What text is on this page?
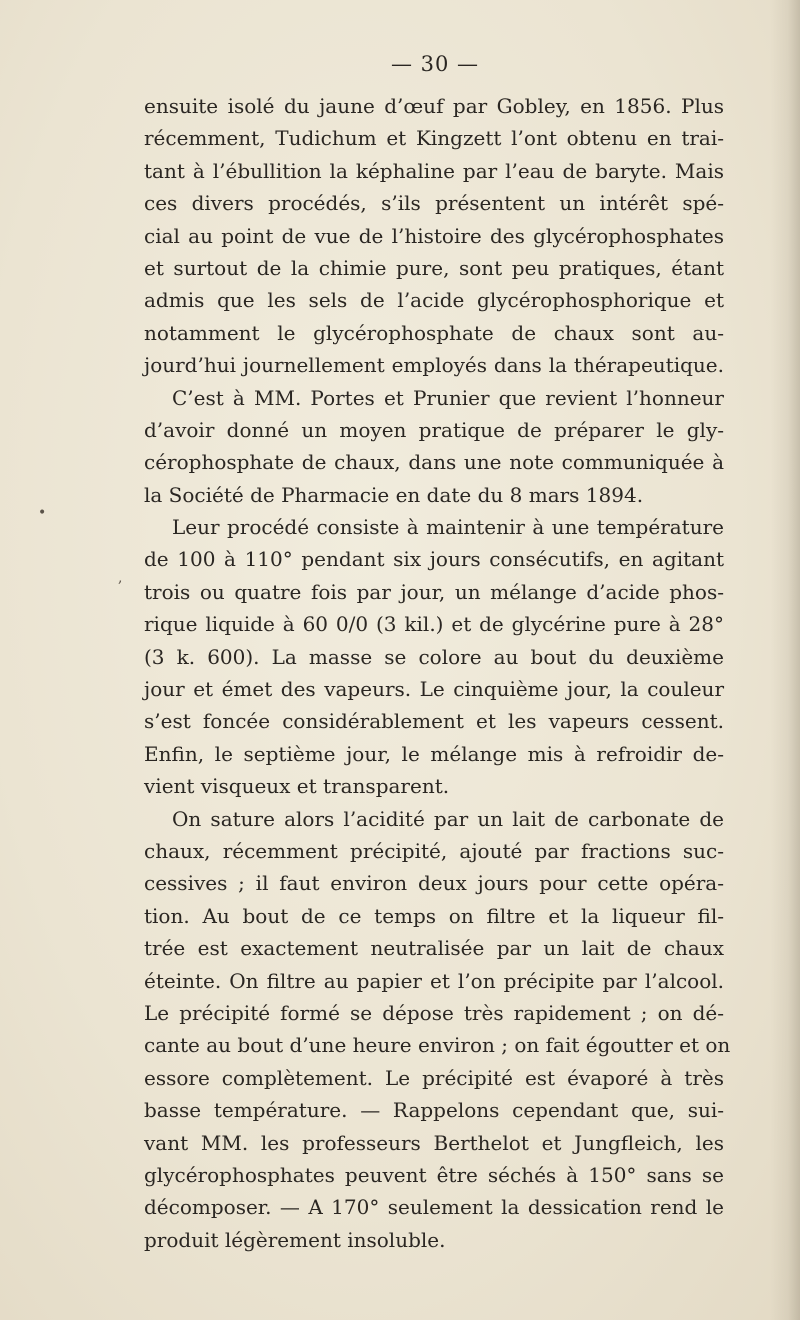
— 30 —
•
,
ensuite isolé du jaune d’œuf par Gobley, en 1856. Plus
récemment, Tudichum et Kingzett l’ont obtenu en trai-
tant à l’ébullition la képhaline par l’eau de baryte. Mais
ces divers procédés, s’ils présentent un intérêt spé-
cial au point de vue de l’histoire des glycérophosphates
et surtout de la chimie pure, sont peu pratiques, étant
admis que les sels de l’acide glycérophosphorique et
notamment le glycérophosphate de chaux sont au-
jourd’hui journellement employés dans la thérapeutique.
C’est à MM. Portes et Prunier que revient l’honneur
d’avoir donné un moyen pratique de préparer le gly-
cérophosphate de chaux, dans une note communiquée à
la Société de Pharmacie en date du 8 mars 1894.
Leur procédé consiste à maintenir à une température
de 100 à 110° pendant six jours consécutifs, en agitant
trois ou quatre fois par jour, un mélange d’acide phos-
rique liquide à 60 0/0 (3 kil.) et de glycérine pure à 28°
(3 k. 600). La masse se colore au bout du deuxième
jour et émet des vapeurs. Le cinquième jour, la couleur
s’est foncée considérablement et les vapeurs cessent.
Enfin, le septième jour, le mélange mis à refroidir de-
vient visqueux et transparent.
On sature alors l’acidité par un lait de carbonate de
chaux, récemment précipité, ajouté par fractions suc-
cessives ; il faut environ deux jours pour cette opéra-
tion. Au bout de ce temps on filtre et la liqueur fil-
trée est exactement neutralisée par un lait de chaux
éteinte. On filtre au papier et l’on précipite par l’alcool.
Le précipité formé se dépose très rapidement ; on dé-
cante au bout d’une heure environ ; on fait égoutter et on
essore complètement. Le précipité est évaporé à très
basse température. — Rappelons cependant que, sui-
vant MM. les professeurs Berthelot et Jungfleich, les
glycérophosphates peuvent être séchés à 150° sans se
décomposer. — A 170° seulement la dessication rend le
produit légèrement insoluble.
